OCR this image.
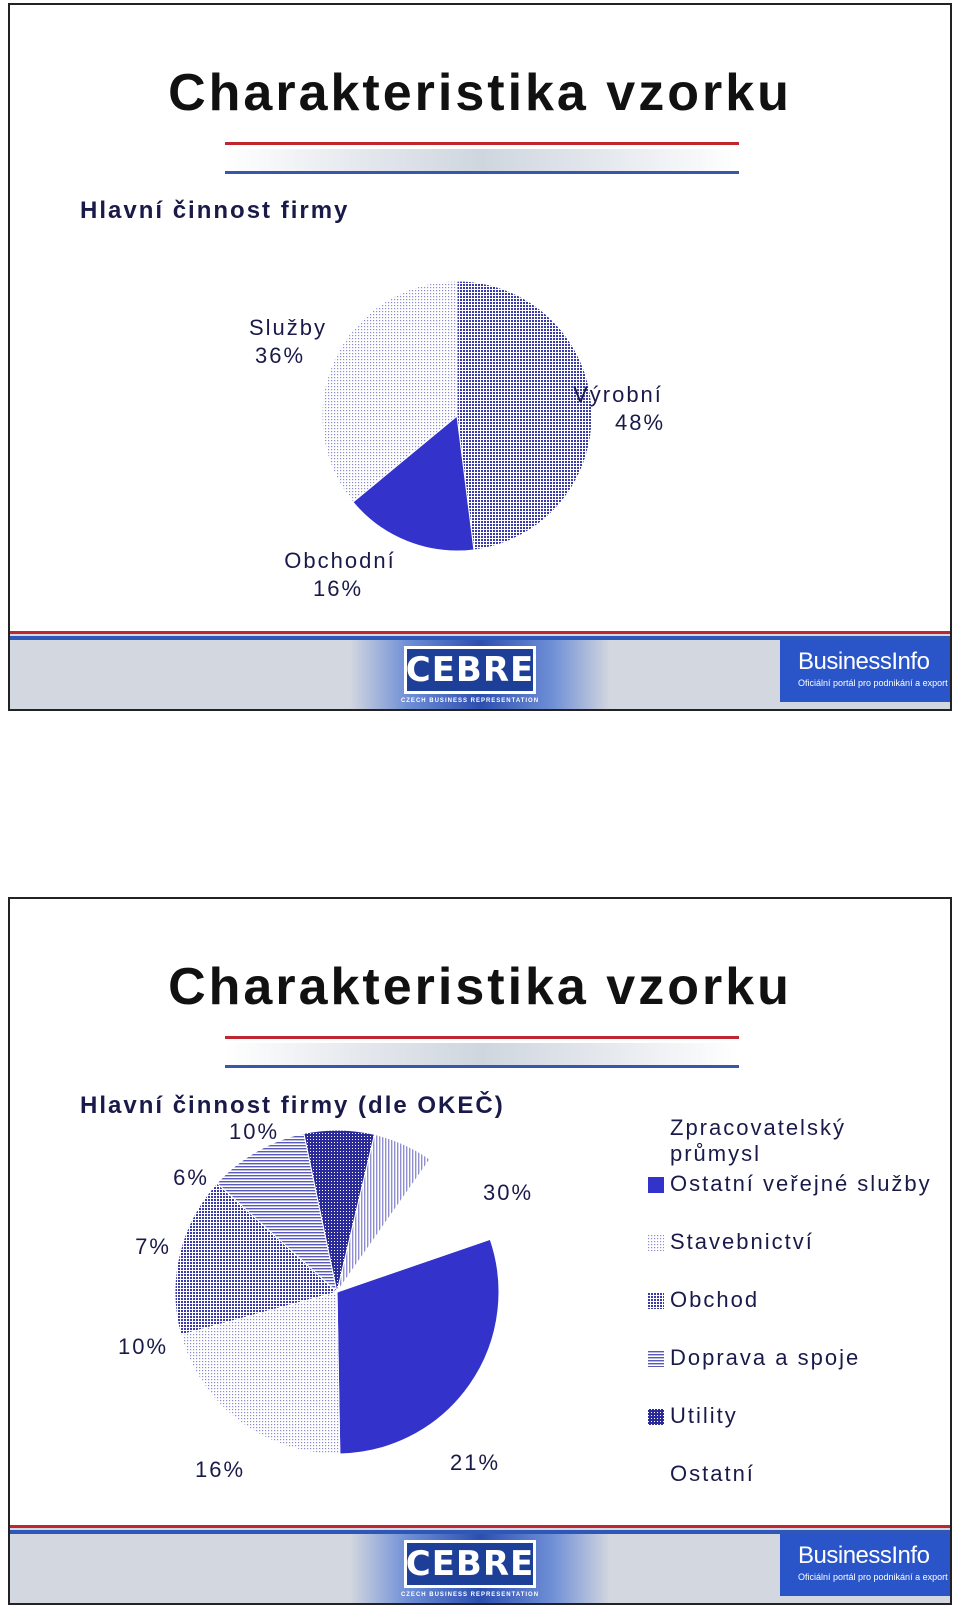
Charakteristika vzorku
Hlavní činnost firmy
Výrobní
48%
Obchodní
16%
Služby
36%
CEBRE
CZECH BUSINESS REPRESENTATION
BusinessInfo
Oficiální portál pro podnikání a export
Charakteristika vzorku
Hlavní činnost firmy (dle OKEČ)
30%
21%
16%
10%
7%
6%
10%	Zpracovatelský průmysl
Ostatní veřejné služby
Stavebnictví
Obchod
Doprava a spoje
Utility
Ostatní
CEBRE
CZECH BUSINESS REPRESENTATION
BusinessInfo
Oficiální portál pro podnikání a export
